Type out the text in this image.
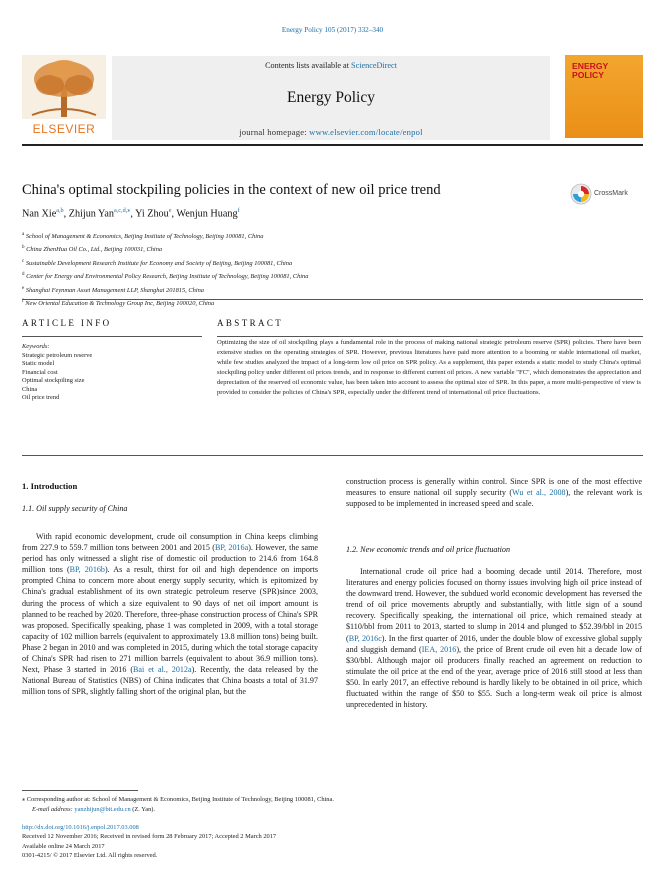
Energy Policy 105 (2017) 332–340
Contents lists available at ScienceDirect
Energy Policy
journal homepage: www.elsevier.com/locate/enpol
ELSEVIER
ENERGY
POLICY
China's optimal stockpiling policies in the context of new oil price trend	CrossMark
Nan Xie$^{a,b}$, Zhijun Yan$^{a,c,d,⁎}$, Yi Zhou$^e$, Wenjun Huang$^f$
$^a$ School of Management & Economics, Beijing Institute of Technology, Beijing 100081, China
$^b$ China ZhenHua Oil Co., Ltd., Beijing 100031, China
$^c$ Sustainable Development Research Institute for Economy and Society of Beijing, Beijing 100081, China
$^d$ Center for Energy and Environmental Policy Research, Beijing Institute of Technology, Beijing 100081, China
$^e$ Shanghai Feynman Asset Management LLP, Shanghai 201815, China
$^f$ New Oriental Education & Technology Group Inc, Beijing 100020, China
ARTICLE INFO
Keywords:
Strategic petroleum reserve
Static model
Financial cost
Optimal stockpiling size
China
Oil price trend
ABSTRACT
Optimizing the size of oil stockpiling plays a fundamental role in the process of making national strategic petroleum reserve (SPR) policies. There have been extensive studies on the operating strategies of SPR. However, previous literatures have paid more attention to a booming or stable international oil market, while few studies analyzed the impact of a long-term low oil price on SPR policy. As a supplement, this paper extends a static model to study China's optimal stockpiling policy under different oil prices trends, and in response to different current oil prices. A new variable "FC", which demonstrates the appreciation and depreciation of the reserved oil economic value, has been taken into account to assess the optimal size of SPR. In this paper, a more multi-perspective of view is provided to consider the policies of China's SPR, especially under the different trend of international oil price fluctuations.
1. Introduction
1.1. Oil supply security of China
With rapid economic development, crude oil consumption in China keeps climbing from 227.9 to 559.7 million tons between 2001 and 2015 (BP, 2016a). However, the same period has only witnessed a slight rise of domestic oil production to 214.6 from 164.8 million tons (BP, 2016b). As a result, thirst for oil and high dependence on imports prompted China to concern more about energy supply security, which is epitomized by China's gradual establishment of its own strategic petroleum reserve (SPR)since 2003, during the process of which a size equivalent to 90 days of net oil import amount is planned to be reached by 2020. Therefore, three-phase construction process of China's SPR was proposed. Specifically speaking, phase 1 was completed in 2009, with a total storage capacity of 102 million barrels (equivalent to approximately 13.8 million tons) being built. Phase 2 began in 2010 and was completed in 2015, during which the total storage capacity of China's SPR had risen to 271 million barrels (equivalent to about 36.9 million tons). Next, Phase 3 started in 2016 (Bai et al., 2012a). Recently, the data released by the National Bureau of Statistics (NBS) of China indicates that China boasts a total of 31.97 million tons of SPR, slightly falling short of the original plan, but the
construction process is generally within control. Since SPR is one of the most effective measures to ensure national oil supply security (Wu et al., 2008), the relevant work is supposed to be implemented in increased speed and scale.
1.2. New economic trends and oil price fluctuation
International crude oil price had a booming decade until 2014. Therefore, most literatures and energy policies focused on thorny issues involving high oil price instead of the downward trend. However, the subdued world economic development has reversed the trend of oil price movements abruptly and substantially, with little sign of a sound recovery. Specifically speaking, the international oil price, which remained steady at $110/bbl from 2011 to 2013, started to slump in 2014 and plunged to $52.39/bbl in 2015 (BP, 2016c). In the first quarter of 2016, under the double blow of excessive global supply and sluggish demand (IEA, 2016), the price of Brent crude oil even hit a decade low of $30/bbl. Although major oil producers finally reached an agreement on reduction to stimulate the oil price at the end of the year, average price of 2016 still stood at less than $50. In early 2017, an effective rebound is hardly likely to be obtained in oil price, which fluctuated within the range of $50 to $55. Such a long-term weak oil price is almost unprecedented in history.
⁎ Corresponding author at: School of Management & Economics, Beijing Institute of Technology, Beijing 100081, China.
E-mail address: yanzhijun@bit.edu.cn (Z. Yan).
http://dx.doi.org/10.1016/j.enpol.2017.03.008
Received 12 November 2016; Received in revised form 28 February 2017; Accepted 2 March 2017
Available online 24 March 2017
0301-4215/ © 2017 Elsevier Ltd. All rights reserved.
